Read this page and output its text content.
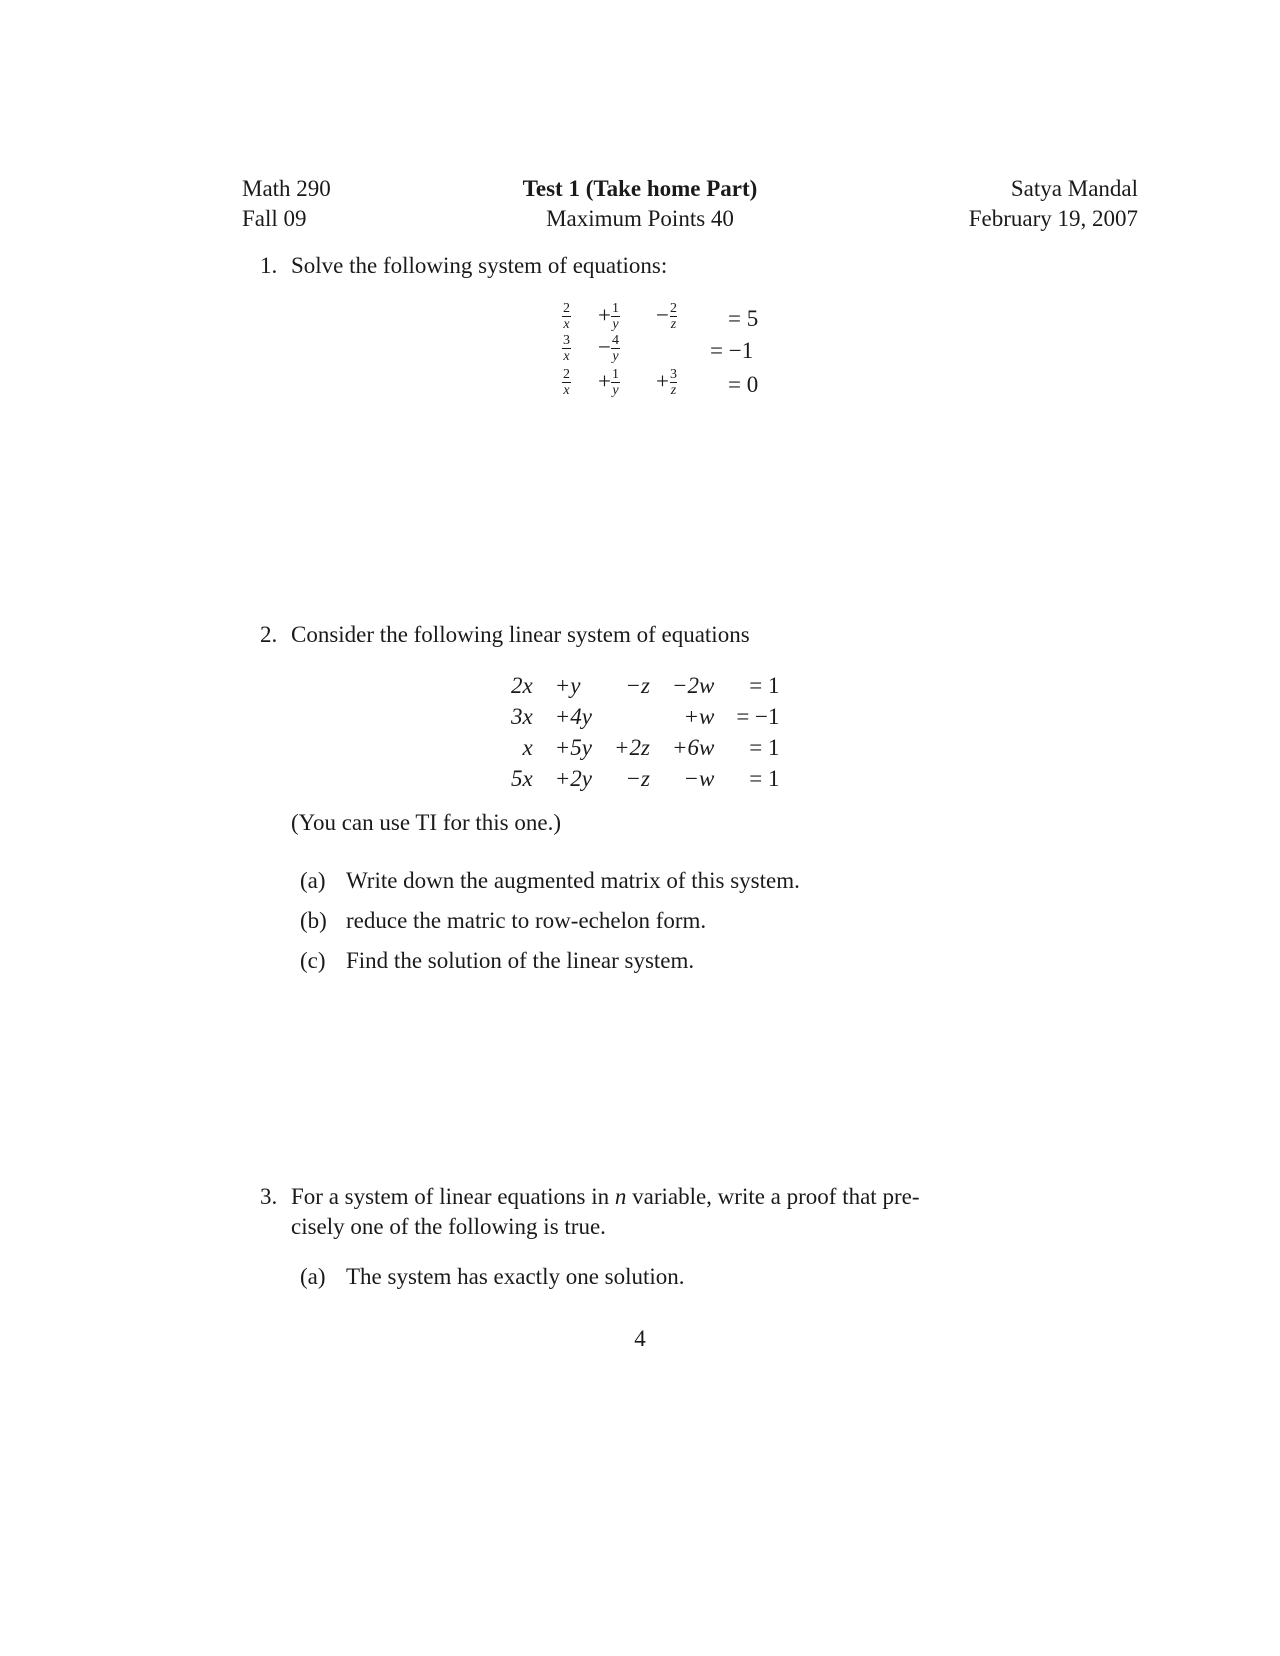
Math 290
Fall 09
Test 1 (Take home Part)
Maximum Points 40
Satya Mandal
February 19, 2007
1. Solve the following system of equations:
$\frac{2}{x} + \frac{1}{y} - \frac{2}{z} = 5$
$\frac{3}{x} - \frac{4}{y}$	= −1
$\frac{2}{x} + \frac{1}{y} + \frac{3}{z} = 0$
2. Consider the following linear system of equations
2x	+y	−z	−2w	= 1
3x	+4y		+w	= −1
x	+5y	+2z	+6w	= 1
5x	+2y	−z	−w	= 1
(You can use TI for this one.)
(a) Write down the augmented matrix of this system.
(b) reduce the matric to row-echelon form.
(c) Find the solution of the linear system.
3. For a system of linear equations in n variable, write a proof that pre-
cisely one of the following is true.
(a) The system has exactly one solution.
4
